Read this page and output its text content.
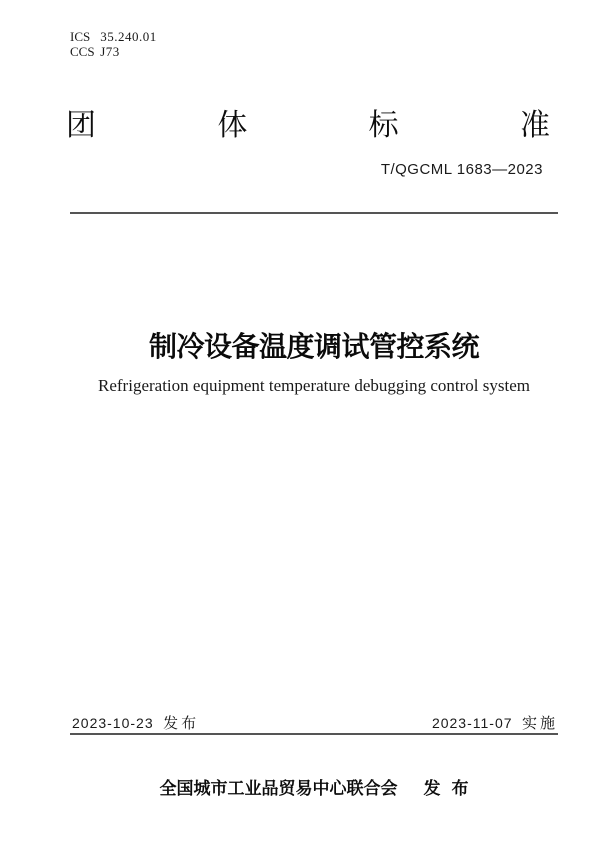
ICS 35.240.01
CCS J73
团	体	标	准
T/QGCML 1683—2023
制冷设备温度调试管控系统
Refrigeration equipment temperature debugging control system
2023-10-23 发布	2023-11-07 实施
全国城市工业品贸易中心联合会 发 布
